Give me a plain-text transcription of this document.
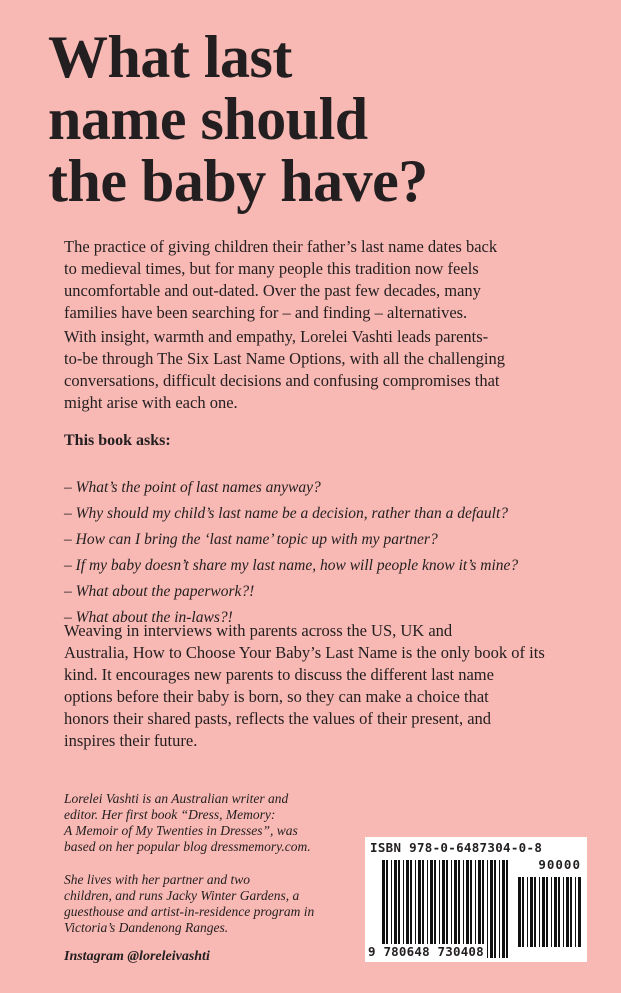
What last
name should
the baby have?
The practice of giving children their father’s last name dates back
to medieval times, but for many people this tradition now feels
uncomfortable and out-dated. Over the past few decades, many
families have been searching for – and finding – alternatives.
With insight, warmth and empathy, Lorelei Vashti leads parents-
to-be through The Six Last Name Options, with all the challenging
conversations, difficult decisions and confusing compromises that
might arise with each one.
This book asks:
– What’s the point of last names anyway?
– Why should my child’s last name be a decision, rather than a default?
– How can I bring the ‘last name’ topic up with my partner?
– If my baby doesn’t share my last name, how will people know it’s mine?
– What about the paperwork?!
– What about the in-laws?!
Weaving in interviews with parents across the US, UK and
Australia, How to Choose Your Baby’s Last Name is the only book of its
kind. It encourages new parents to discuss the different last name
options before their baby is born, so they can make a choice that
honors their shared pasts, reflects the values of their present, and
inspires their future.
Lorelei Vashti is an Australian writer and
editor. Her first book “Dress, Memory:
A Memoir of My Twenties in Dresses”, was
based on her popular blog dressmemory.com.
She lives with her partner and two
children, and runs Jacky Winter Gardens, a
guesthouse and artist-in-residence program in
Victoria’s Dandenong Ranges.
Instagram @loreleivashti
ISBN 978-0-6487304-0-8
90000
9 780648 730408
